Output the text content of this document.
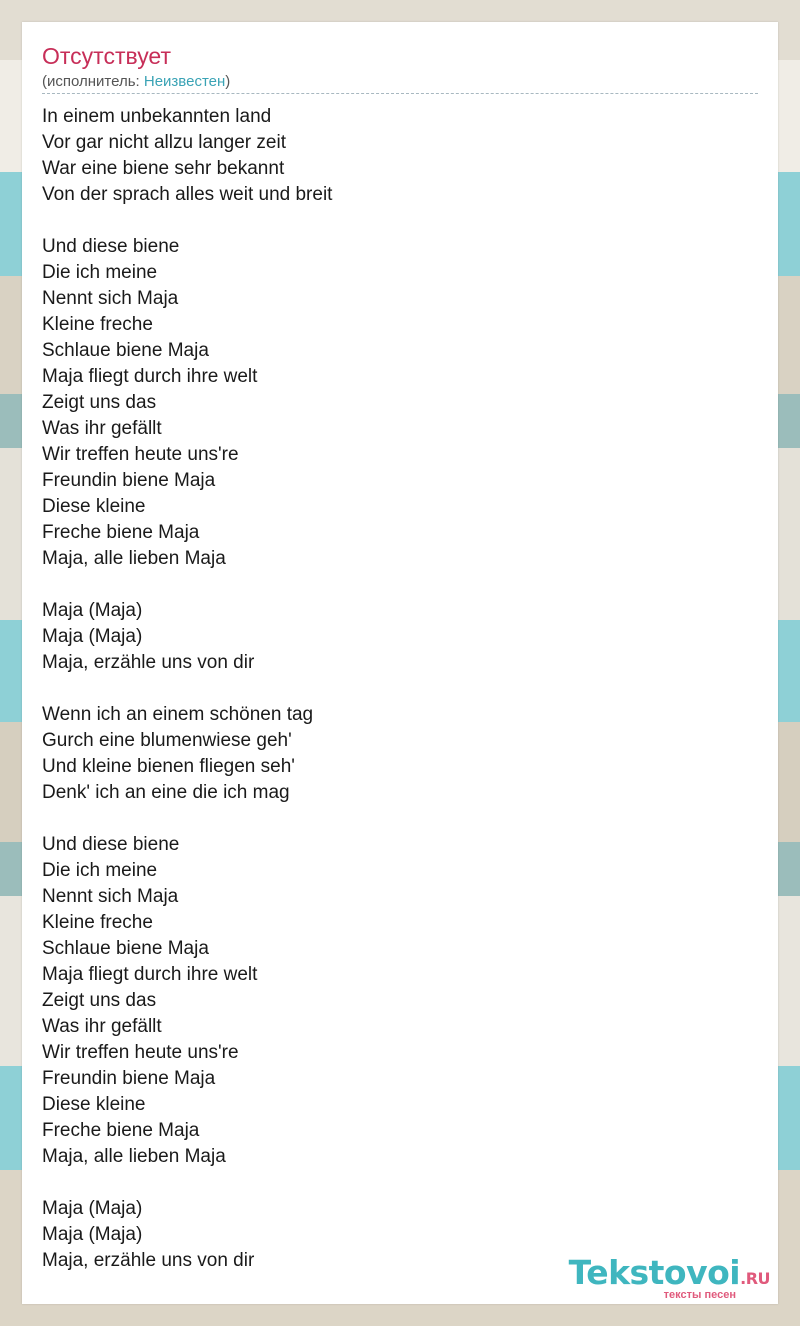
Отсутствует
(исполнитель: Неизвестен)
In einem unbekannten land
Vor gar nicht allzu langer zeit
War eine biene sehr bekannt
Von der sprach alles weit und breit
Und diese biene
Die ich meine
Nennt sich Maja
Kleine freche
Schlaue biene Maja
Maja fliegt durch ihre welt
Zeigt uns das
Was ihr gefällt
Wir treffen heute uns're
Freundin biene Maja
Diese kleine
Freche biene Maja
Maja, alle lieben Maja
Maja (Maja)
Maja (Maja)
Maja, erzähle uns von dir
Wenn ich an einem schönen tag
Gurch eine blumenwiese geh'
Und kleine bienen fliegen seh'
Denk' ich an eine die ich mag
Und diese biene
Die ich meine
Nennt sich Maja
Kleine freche
Schlaue biene Maja
Maja fliegt durch ihre welt
Zeigt uns das
Was ihr gefällt
Wir treffen heute uns're
Freundin biene Maja
Diese kleine
Freche biene Maja
Maja, alle lieben Maja
Maja (Maja)
Maja (Maja)
Maja, erzähle uns von dir	Tekstovoi.RU
тексты песен
